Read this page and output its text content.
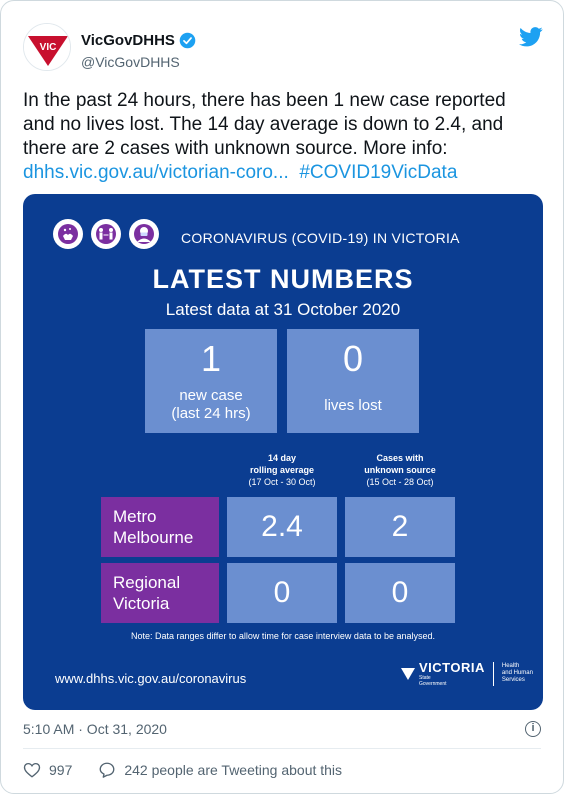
VIC VicGovDHHS
@VicGovDHHS
In the past 24 hours, there has been 1 new case reported
and no lives lost. The 14 day average is down to 2.4, and
there are 2 cases with unknown source. More info:
dhhs.vic.gov.au/victorian-coro... #COVID19VicData
CORONAVIRUS (COVID-19) IN VICTORIA
LATEST NUMBERS
Latest data at 31 October 2020
1
new case
(last 24 hrs)
0
lives lost
14 day
rolling average
(17 Oct - 30 Oct)
Cases with
unknown source
(15 Oct - 28 Oct)
Metro
Melbourne	2.4	2
Regional
Victoria	0	0
Note: Data ranges differ to allow time for case interview data to be analysed.
www.dhhs.vic.gov.au/coronavirus
VICTORIA
State
Government
Health
and Human
Services
5:10 AM · Oct 31, 2020	i
997	242 people are Tweeting about this
